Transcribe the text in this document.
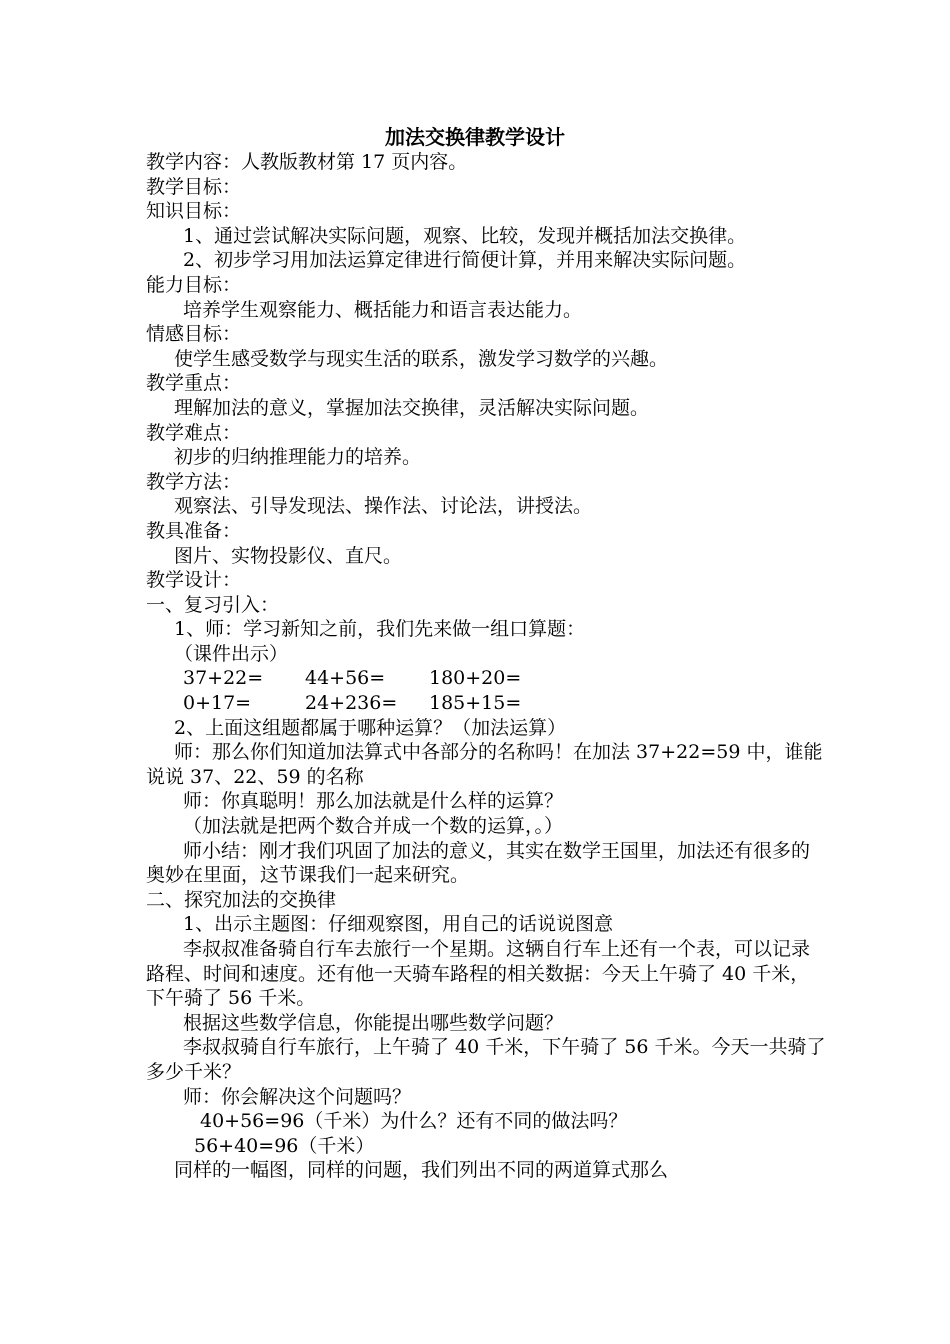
加法交换律教学设计
教学内容：人教版教材第 17 页内容。
教学目标：
知识目标：
1、通过尝试解决实际问题，观察、比较，发现并概括加法交换律。
2、初步学习用加法运算定律进行简便计算，并用来解决实际问题。
能力目标：
培养学生观察能力、概括能力和语言表达能力。
情感目标：
使学生感受数学与现实生活的联系，激发学习数学的兴趣。
教学重点：
理解加法的意义，掌握加法交换律，灵活解决实际问题。
教学难点：
初步的归纳推理能力的培养。
教学方法：
观察法、引导发现法、操作法、讨论法，讲授法。
教具准备：
图片、实物投影仪、直尺。
教学设计：
一、复习引入：
1、师：学习新知之前，我们先来做一组口算题：
（课件出示）
37+22= 44+56= 180+20=
0+17=	24+236= 185+15=
2、上面这组题都属于哪种运算？（加法运算）
师：那么你们知道加法算式中各部分的名称吗！在加法 37+22=59 中，谁能说说 37、22、59 的名称
师：你真聪明！那么加法就是什么样的运算？
（加法就是把两个数合并成一个数的运算，。）
师小结：刚才我们巩固了加法的意义，其实在数学王国里，加法还有很多的奥妙在里面，这节课我们一起来研究。
二、探究加法的交换律
1、出示主题图：仔细观察图，用自己的话说说图意
李叔叔准备骑自行车去旅行一个星期。这辆自行车上还有一个表，可以记录路程、时间和速度。还有他一天骑车路程的相关数据：今天上午骑了 40 千米，下午骑了 56 千米。
根据这些数学信息，你能提出哪些数学问题？
李叔叔骑自行车旅行，上午骑了 40 千米，下午骑了 56 千米。今天一共骑了多少千米？
师：你会解决这个问题吗？
40+56=96（千米）为什么？还有不同的做法吗？
56+40=96（千米）
同样的一幅图，同样的问题，我们列出不同的两道算式那么
